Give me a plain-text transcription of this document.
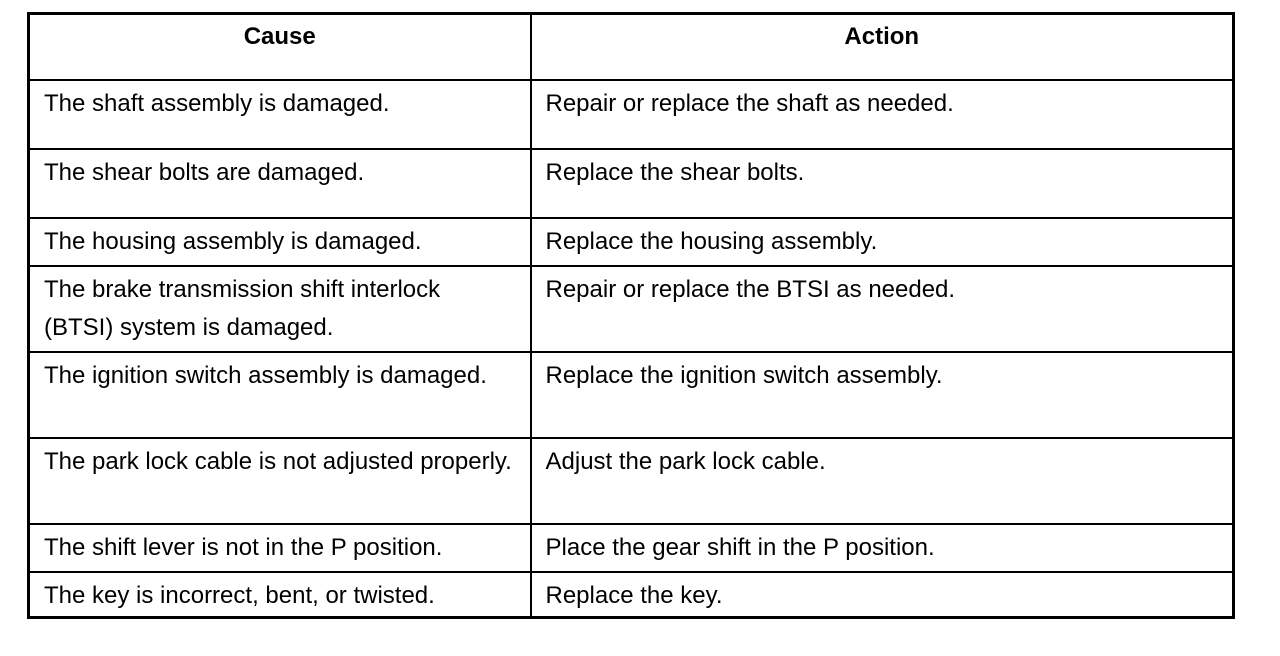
Cause	Action
The shaft assembly is damaged.	Repair or replace the shaft as needed.
The shear bolts are damaged.	Replace the shear bolts.
The housing assembly is damaged.	Replace the housing assembly.
The brake transmission shift interlock (BTSI) system is damaged.	Repair or replace the BTSI as needed.
The ignition switch assembly is damaged.	Replace the ignition switch assembly.
The park lock cable is not adjusted properly.	Adjust the park lock cable.
The shift lever is not in the P position.	Place the gear shift in the P position.
The key is incorrect, bent, or twisted.	Replace the key.
